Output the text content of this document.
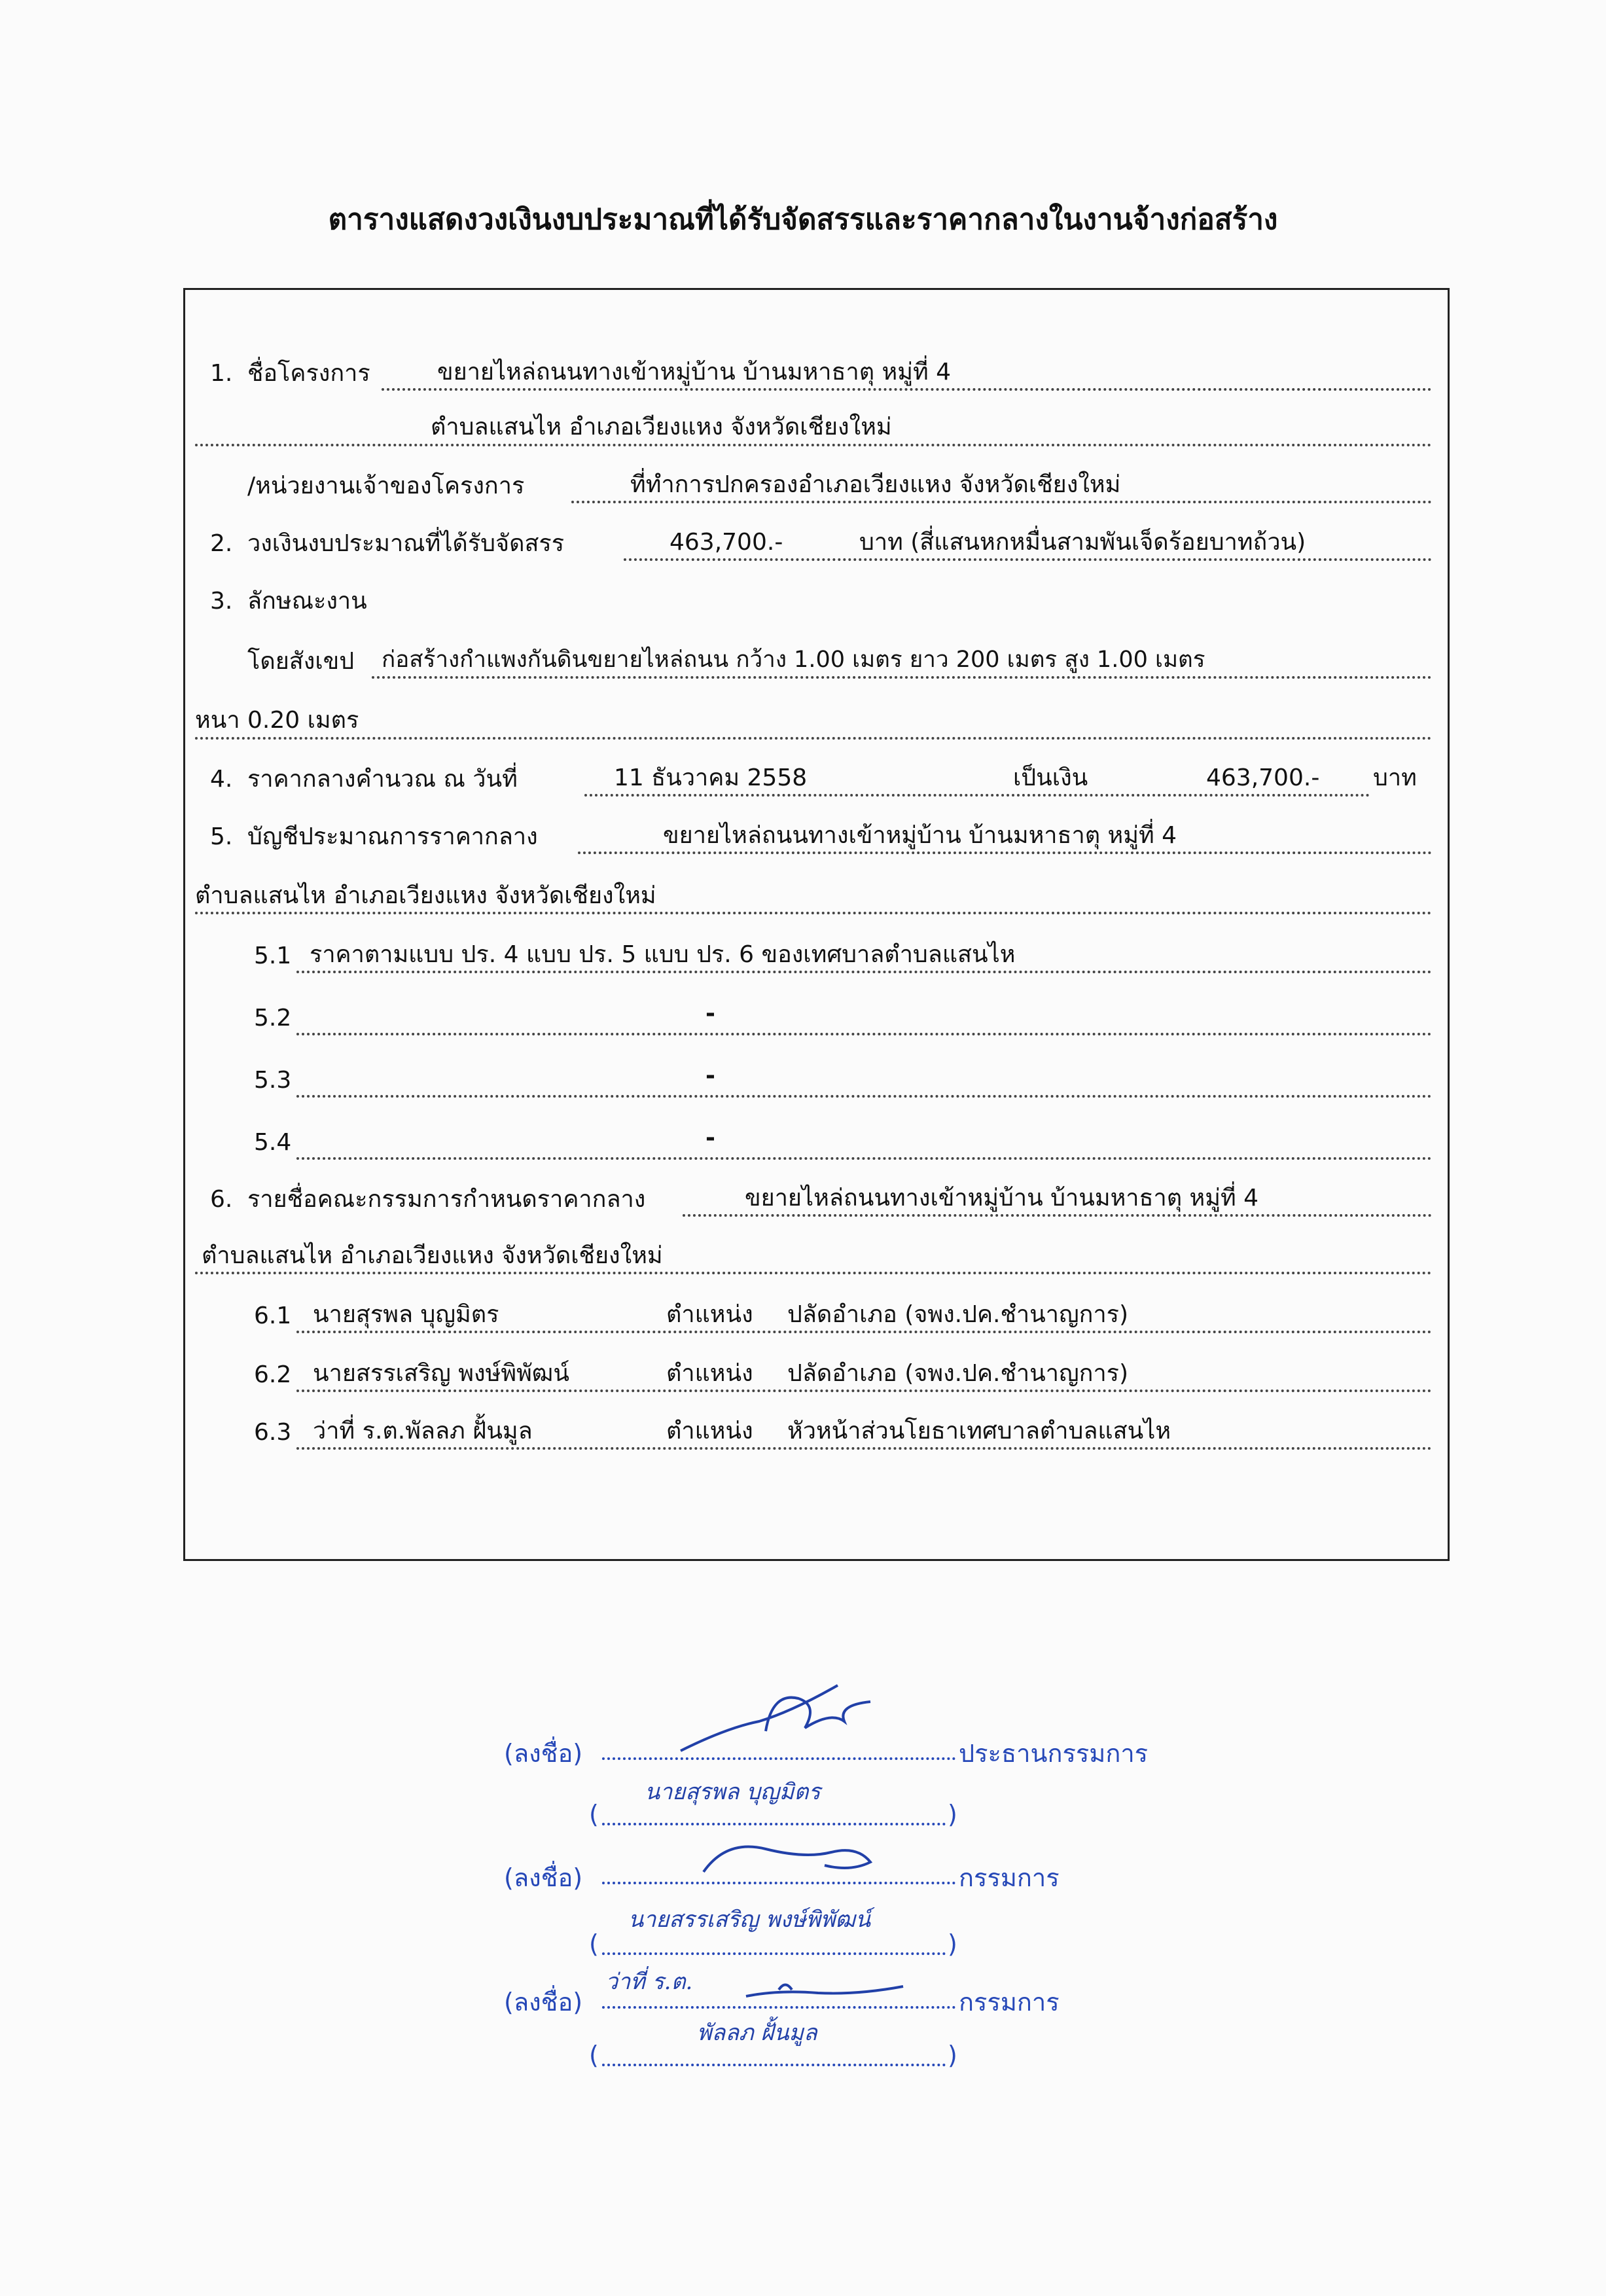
ตารางแสดงวงเงินงบประมาณที่ได้รับจัดสรรและราคากลางในงานจ้างก่อสร้าง
1. ชื่อโครงการ	ขยายไหล่ถนนทางเข้าหมู่บ้าน บ้านมหาธาตุ หมู่ที่ 4
ตำบลแสนไห อำเภอเวียงแหง จังหวัดเชียงใหม่
/หน่วยงานเจ้าของโครงการ	ที่ทำการปกครองอำเภอเวียงแหง จังหวัดเชียงใหม่
2. วงเงินงบประมาณที่ได้รับจัดสรร	463,700.-	บาท (สี่แสนหกหมื่นสามพันเจ็ดร้อยบาทถ้วน)
3. ลักษณะงาน
โดยสังเขป ก่อสร้างกำแพงกันดินขยายไหล่ถนน กว้าง 1.00 เมตร ยาว 200 เมตร สูง 1.00 เมตร
หนา 0.20 เมตร
4. ราคากลางคำนวณ ณ วันที่	11 ธันวาคม 2558	เป็นเงิน	463,700.- บาท
5. บัญชีประมาณการราคากลาง	ขยายไหล่ถนนทางเข้าหมู่บ้าน บ้านมหาธาตุ หมู่ที่ 4
ตำบลแสนไห อำเภอเวียงแหง จังหวัดเชียงใหม่
5.1 ราคาตามแบบ ปร. 4 แบบ ปร. 5 แบบ ปร. 6 ของเทศบาลตำบลแสนไห
5.2	-
5.3	-
5.4	-
6. รายชื่อคณะกรรมการกำหนดราคากลาง	ขยายไหล่ถนนทางเข้าหมู่บ้าน บ้านมหาธาตุ หมู่ที่ 4
ตำบลแสนไห อำเภอเวียงแหง จังหวัดเชียงใหม่
6.1 นายสุรพล บุญมิตร	ตำแหน่ง ปลัดอำเภอ (จพง.ปค.ชำนาญการ)
6.2 นายสรรเสริญ พงษ์พิพัฒน์	ตำแหน่ง ปลัดอำเภอ (จพง.ปค.ชำนาญการ)
6.3 ว่าที่ ร.ต.พัลลภ ฝั้นมูล	ตำแหน่ง หัวหน้าส่วนโยธาเทศบาลตำบลแสนไห
(ลงชื่อ)	ประธานกรรมการ
(
นายสุรพล บุญมิตร
)
(ลงชื่อ)	กรรมการ
(
นายสรรเสริญ พงษ์พิพัฒน์
)
(ลงชื่อ)	กรรมการ
ว่าที่ ร.ต.
(
พัลลภ ฝั้นมูล
)
